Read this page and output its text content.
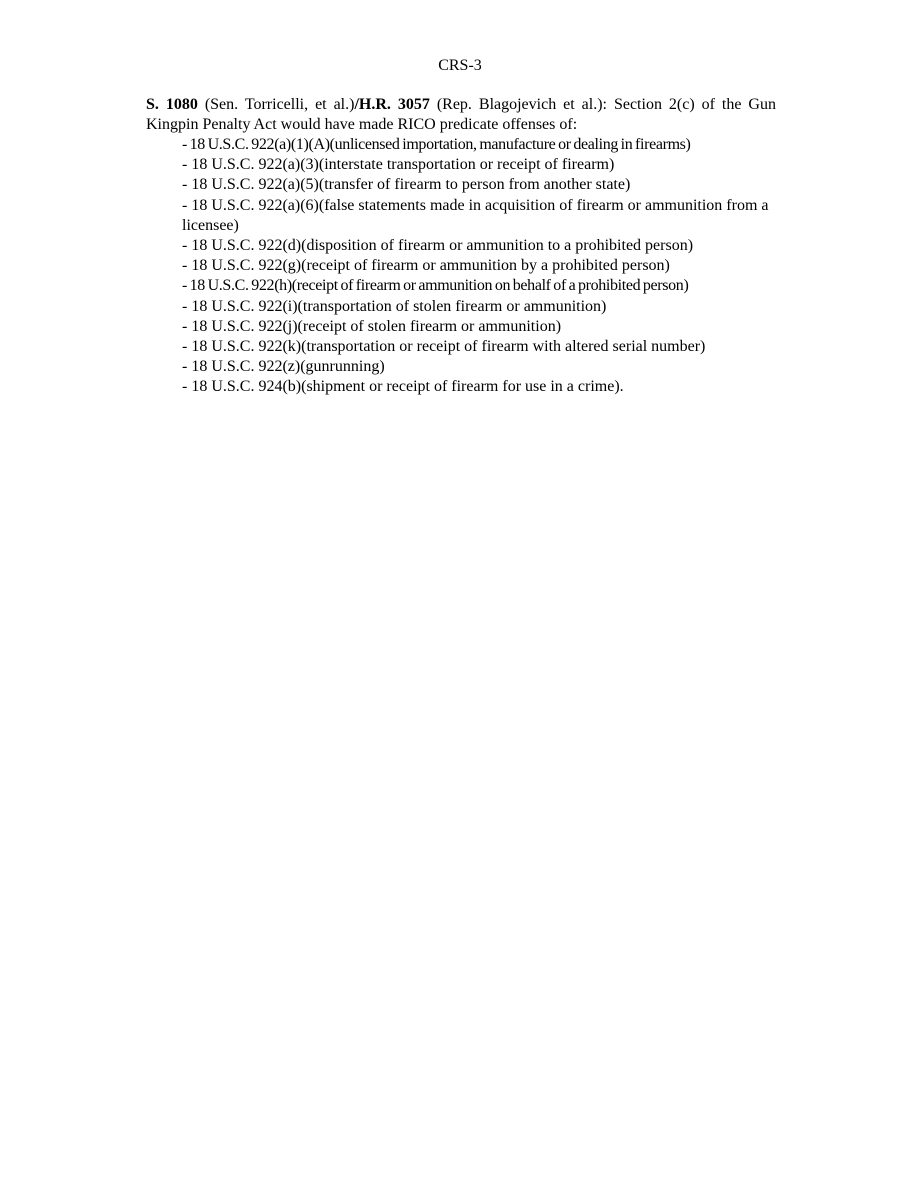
CRS-3
S. 1080 (Sen. Torricelli, et al.)/H.R. 3057 (Rep. Blagojevich et al.): Section 2(c) of the Gun Kingpin Penalty Act would have made RICO predicate offenses of:
- 18 U.S.C. 922(a)(1)(A)(unlicensed importation, manufacture or dealing in firearms)
- 18 U.S.C. 922(a)(3)(interstate transportation or receipt of firearm)
- 18 U.S.C. 922(a)(5)(transfer of firearm to person from another state)
- 18 U.S.C. 922(a)(6)(false statements made in acquisition of firearm or ammunition from a licensee)
- 18 U.S.C. 922(d)(disposition of firearm or ammunition to a prohibited person)
- 18 U.S.C. 922(g)(receipt of firearm or ammunition by a prohibited person)
- 18 U.S.C. 922(h)(receipt of firearm or ammunition on behalf of a prohibited person)
- 18 U.S.C. 922(i)(transportation of stolen firearm or ammunition)
- 18 U.S.C. 922(j)(receipt of stolen firearm or ammunition)
- 18 U.S.C. 922(k)(transportation or receipt of firearm with altered serial number)
- 18 U.S.C. 922(z)(gunrunning)
- 18 U.S.C. 924(b)(shipment or receipt of firearm for use in a crime).
